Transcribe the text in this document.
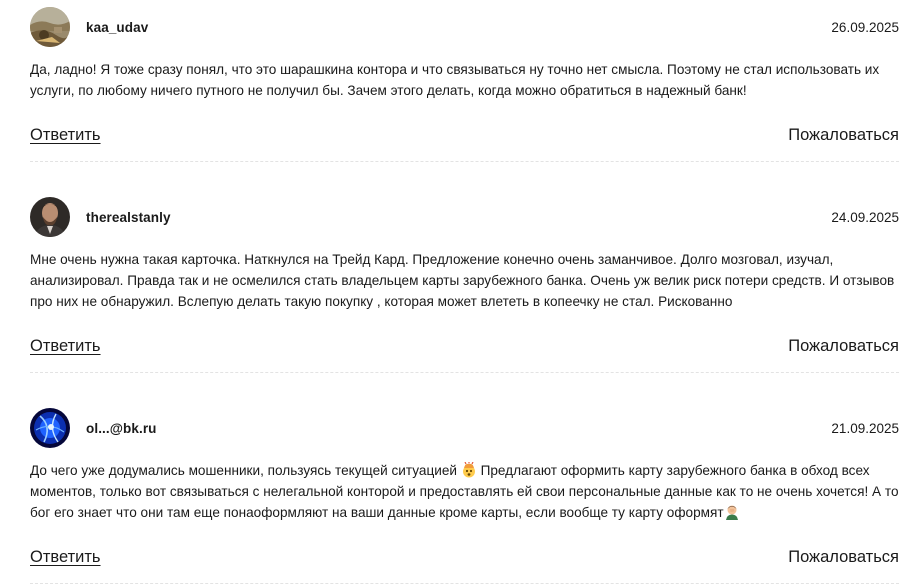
kaa_udav	26.09.2025
Да, ладно! Я тоже сразу понял, что это шарашкина контора и что связываться ну точно нет смысла. Поэтому не стал использовать их услуги, по любому ничего путного не получил бы. Зачем этого делать, когда можно обратиться в надежный банк!
Ответить	Пожаловаться
therealstanly	24.09.2025
Мне очень нужна такая карточка. Наткнулся на Трейд Кард. Предложение конечно очень заманчивое. Долго мозговал, изучал, анализировал. Правда так и не осмелился стать владельцем карты зарубежного банка. Очень уж велик риск потери средств. И отзывов про них не обнаружил. Вслепую делать такую покупку , которая может влететь в копеечку не стал. Рискованно
Ответить	Пожаловаться
ol...@bk.ru	21.09.2025
До чего уже додумались мошенники, пользуясь текущей ситуацией  Предлагают оформить карту зарубежного банка в обход всех моментов, только вот связываться с нелегальной конторой и предоставлять ей свои персональные данные как то не очень хочется! А то бог его знает что они там еще понаоформляют на ваши данные кроме карты, если вообще ту карту оформят
Ответить	Пожаловаться
